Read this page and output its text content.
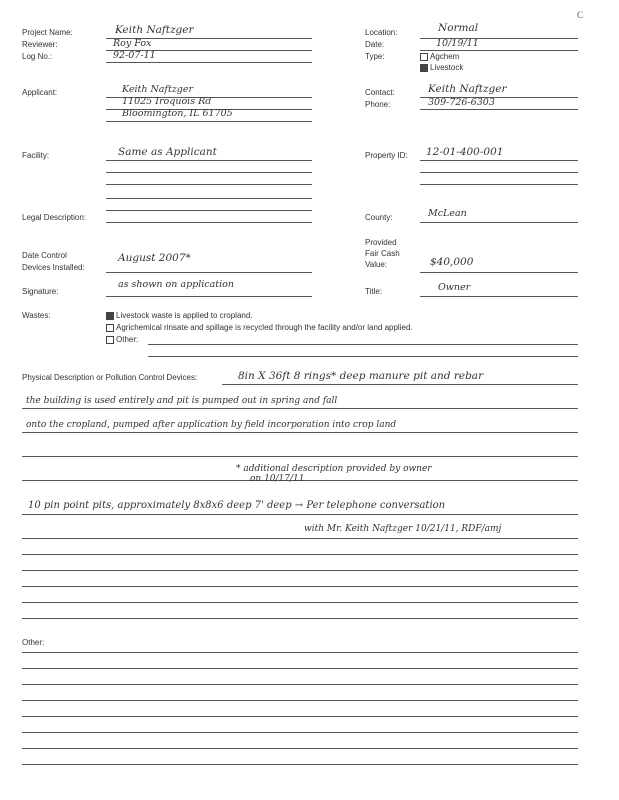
C
Project Name:	Keith Naftzger
Reviewer:	Roy Fox
Log No.:	92-07-11
Location:	Normal
Date:	10/19/11
Type:	Agchem
Livestock
Applicant:	Keith Naftzger
11025 Iroquois Rd
Bloomington, IL 61705
Contact:	Keith Naftzger
Phone:	309-726-6303
Facility:	Same as Applicant	Property ID: 12-01-400-001
Legal Description:	County:	McLean
Date Control
Devices Installed:
August 2007*
Provided
Fair Cash
Value:	$40,000
Signature:
as shown on application
Title:	Owner
Wastes:	Livestock waste is applied to cropland.
Agrichemical rinsate and spillage is recycled through the facility and/or land applied.
Other:
Physical Description or Pollution Control Devices:	8in X 36ft 8 rings* deep manure pit and rebar
the building is used entirely and pit is pumped out in spring and fall
onto the cropland, pumped after application by field incorporation into crop land
* additional description provided by owner
on 10/17/11
10 pin point pits, approximately 8x8x6 deep 7' deep → Per telephone conversation
with Mr. Keith Naftzger 10/21/11, RDF/amj
Other:
